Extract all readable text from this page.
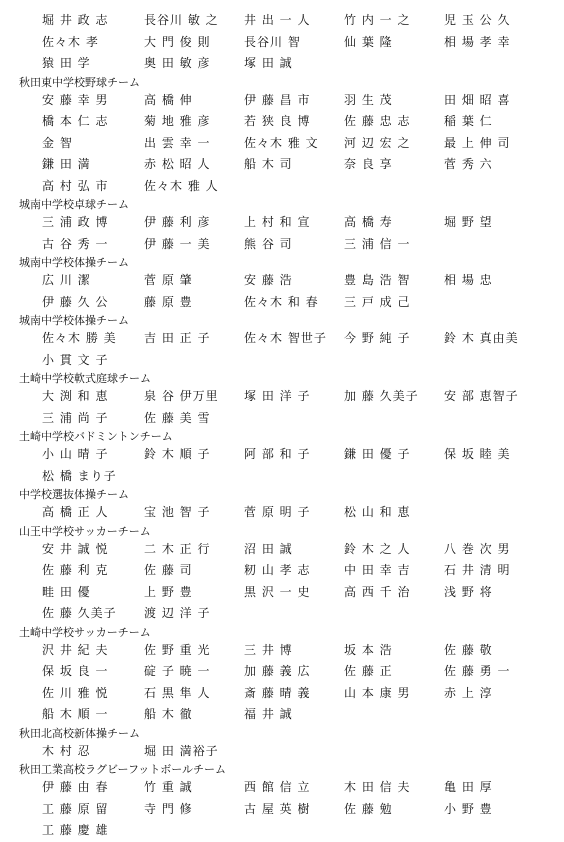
堀 井 政 志	長谷川 敏 之	井 出 一 人	竹 内 一 之	児 玉 公 久
佐々木 孝	大 門 俊 則	長谷川 智	仙 葉 隆	相 場 孝 幸
猿 田 学	奥 田 敏 彦	塚 田 誠
秋田東中学校野球チーム
安 藤 幸 男	高 橋 伸	伊 藤 昌 市	羽 生 茂	田 畑 昭 喜
橋 本 仁 志	菊 地 雅 彦	若 狭 良 博	佐 藤 忠 志	稲 葉 仁
金 智	出 雲 幸 一	佐々木 雅 文	河 辺 宏 之	最 上 伸 司
鎌 田 満	赤 松 昭 人	船 木 司	奈 良 享	菅 秀 六
高 村 弘 市	佐々木 雅 人
城南中学校卓球チーム
三 浦 政 博	伊 藤 利 彦	上 村 和 宣	高 橋 寿	堀 野 望
古 谷 秀 一	伊 藤 一 美	熊 谷 司	三 浦 信 一
城南中学校体操チーム
広 川 潔	菅 原 肇	安 藤 浩	豊 島 浩 智	相 場 忠
伊 藤 久 公	藤 原 豊	佐々木 和 春	三 戸 成 己
城南中学校体操チーム
佐々木 勝 美	吉 田 正 子	佐々木 智世子	今 野 純 子	鈴 木 真由美
小 貫 文 子
土崎中学校軟式庭球チーム
大 渕 和 恵	泉 谷 伊万里	塚 田 洋 子	加 藤 久美子	安 部 恵智子
三 浦 尚 子	佐 藤 美 雪
土崎中学校バドミントンチーム
小 山 晴 子	鈴 木 順 子	阿 部 和 子	鎌 田 優 子	保 坂 睦 美
松 橋 まり子
中学校選抜体操チーム
高 橋 正 人	宝 池 智 子	菅 原 明 子	松 山 和 恵
山王中学校サッカーチーム
安 井 誠 悦	二 木 正 行	沼 田 誠	鈴 木 之 人	八 巻 次 男
佐 藤 利 克	佐 藤 司	籾 山 孝 志	中 田 幸 吉	石 井 清 明
畦 田 優	上 野 豊	黒 沢 一 史	高 西 千 治	浅 野 将
佐 藤 久美子	渡 辺 洋 子
土崎中学校サッカーチーム
沢 井 紀 夫	佐 野 重 光	三 井 博	坂 本 浩	佐 藤 敬
保 坂 良 一	碇 子 暁 一	加 藤 義 広	佐 藤 正	佐 藤 勇 一
佐 川 雅 悦	石 黒 隼 人	斎 藤 晴 義	山 本 康 男	赤 上 淳
船 木 順 一	船 木 徹	福 井 誠
秋田北高校新体操チーム
木 村 忍	堀 田 満裕子
秋田工業高校ラグビーフットボールチーム
伊 藤 由 春	竹 重 誠	西 館 信 立	木 田 信 夫	亀 田 厚
工 藤 原 留	寺 門 修	古 屋 英 樹	佐 藤 勉	小 野 豊
工 藤 慶 雄
